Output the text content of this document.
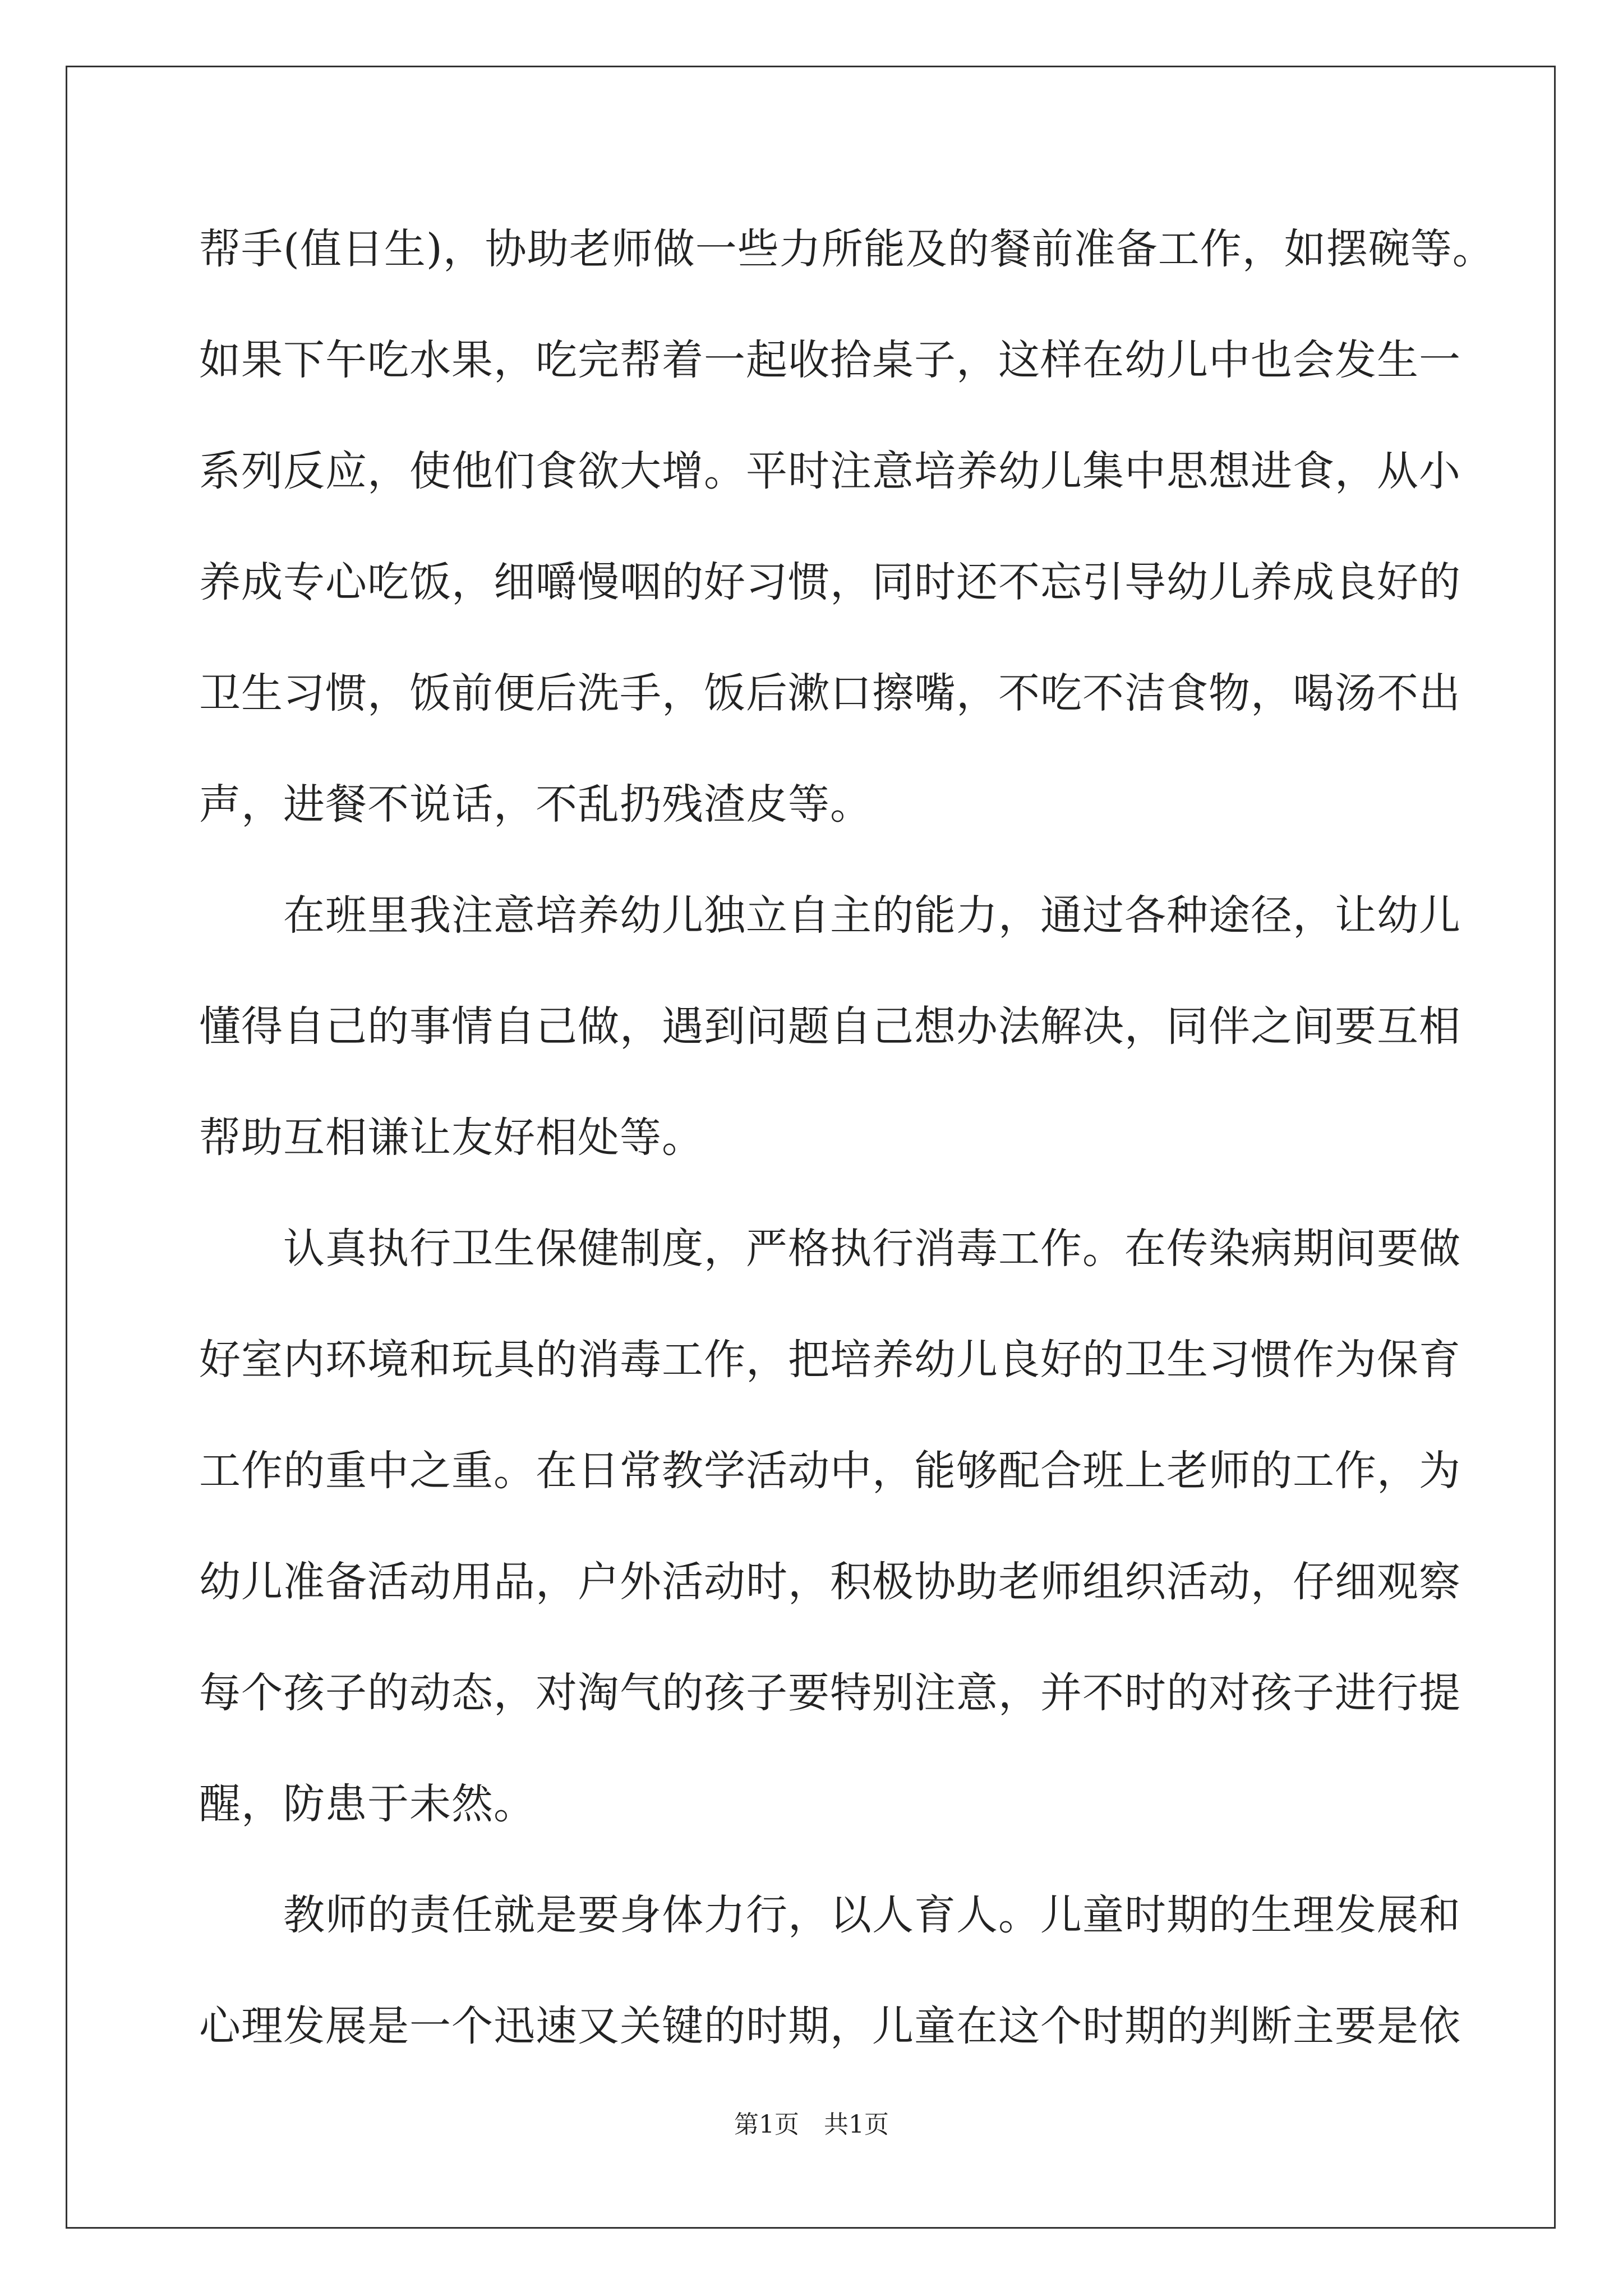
帮手(值日生)，协助老师做一些力所能及的餐前准备工作，如摆碗等。
如果下午吃水果，吃完帮着一起收拾桌子，这样在幼儿中也会发生一
系列反应，使他们食欲大增。平时注意培养幼儿集中思想进食，从小
养成专心吃饭，细嚼慢咽的好习惯，同时还不忘引导幼儿养成良好的
卫生习惯，饭前便后洗手，饭后漱口擦嘴，不吃不洁食物，喝汤不出
声，进餐不说话，不乱扔残渣皮等。
　　在班里我注意培养幼儿独立自主的能力，通过各种途径，让幼儿
懂得自己的事情自己做，遇到问题自己想办法解决，同伴之间要互相
帮助互相谦让友好相处等。
　　认真执行卫生保健制度，严格执行消毒工作。在传染病期间要做
好室内环境和玩具的消毒工作，把培养幼儿良好的卫生习惯作为保育
工作的重中之重。在日常教学活动中，能够配合班上老师的工作，为
幼儿准备活动用品，户外活动时，积极协助老师组织活动，仔细观察
每个孩子的动态，对淘气的孩子要特别注意，并不时的对孩子进行提
醒，防患于未然。
　　教师的责任就是要身体力行，以人育人。儿童时期的生理发展和
心理发展是一个迅速又关键的时期，儿童在这个时期的判断主要是依
第1页　共1页
